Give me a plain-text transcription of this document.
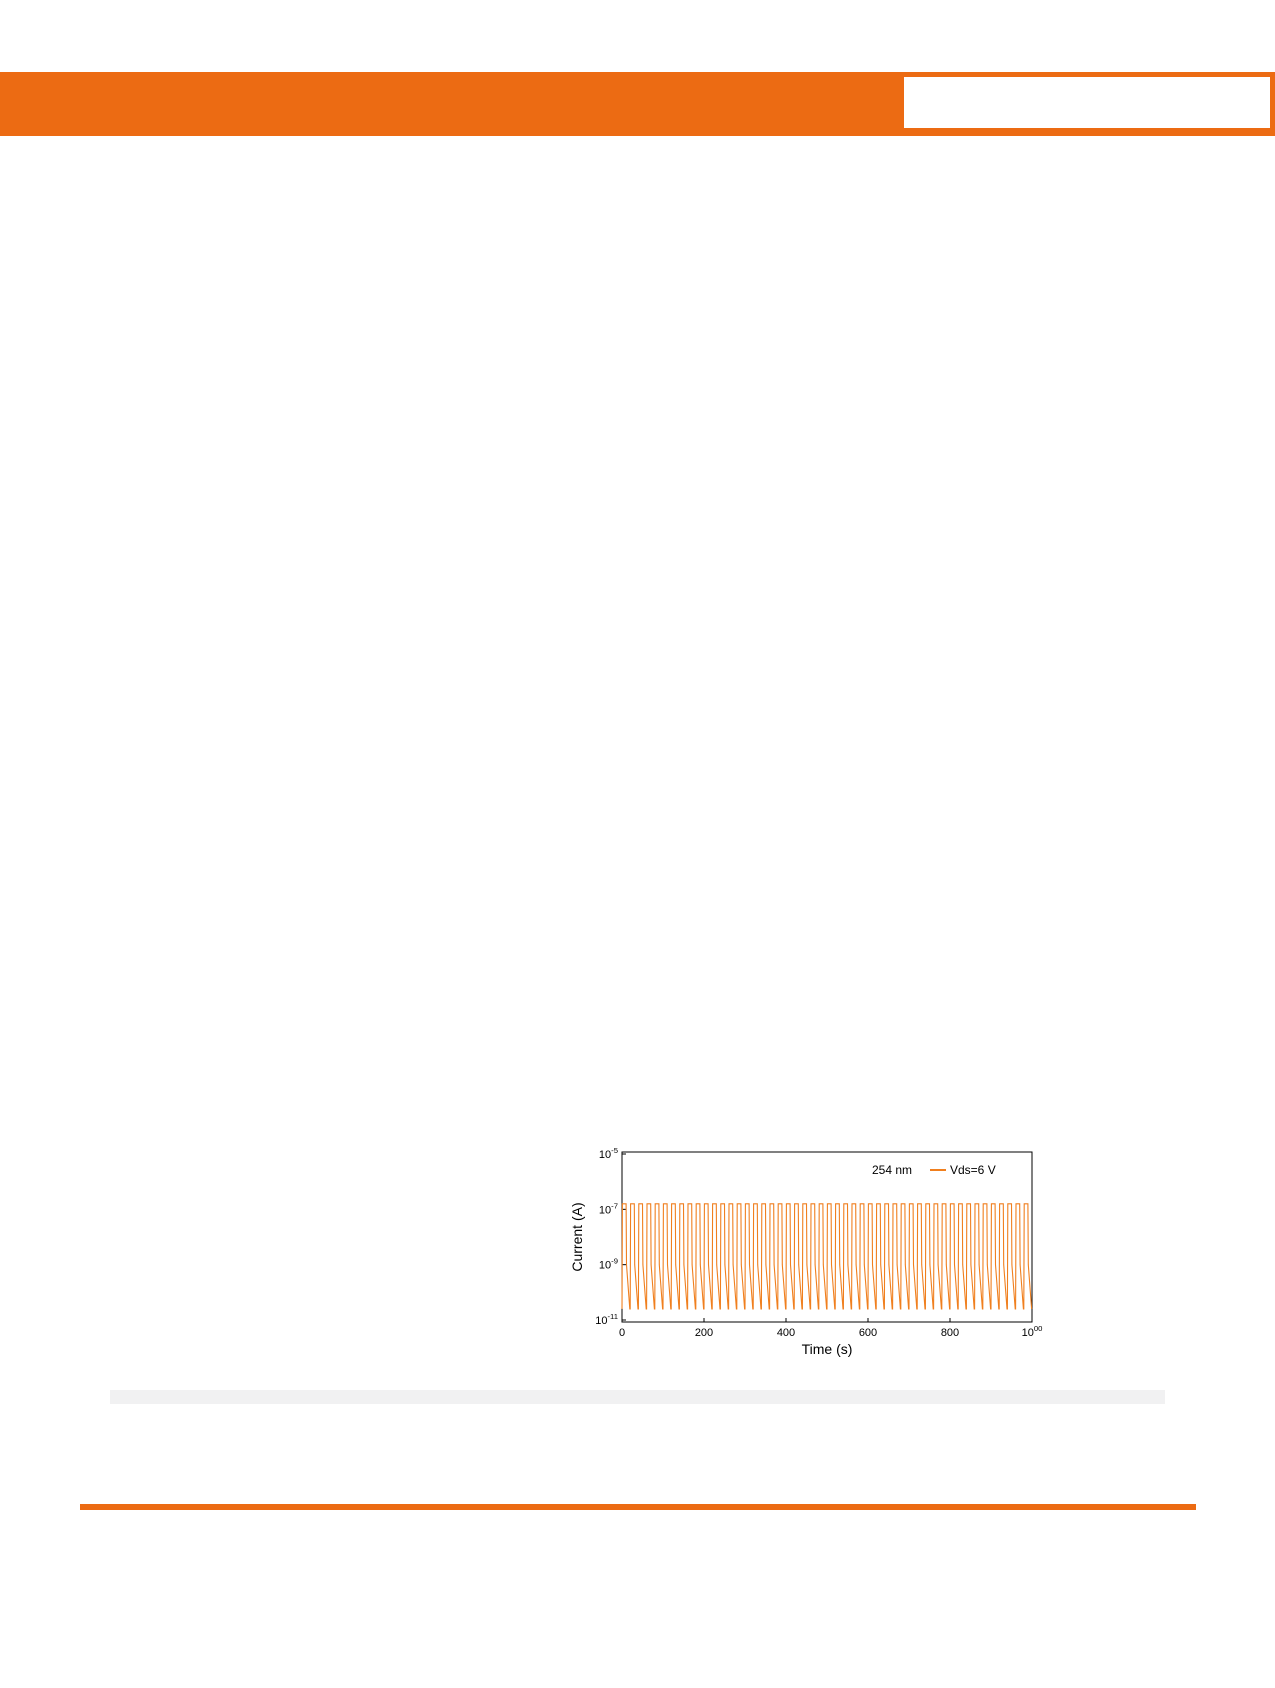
$10^{-5}$
$10^{-7}$
$10^{-9}$
$10^{-11}$
0	200	400	600	800	$10^{00}$
Time (s)
Current (A)
254 nm	Vds=6 V
